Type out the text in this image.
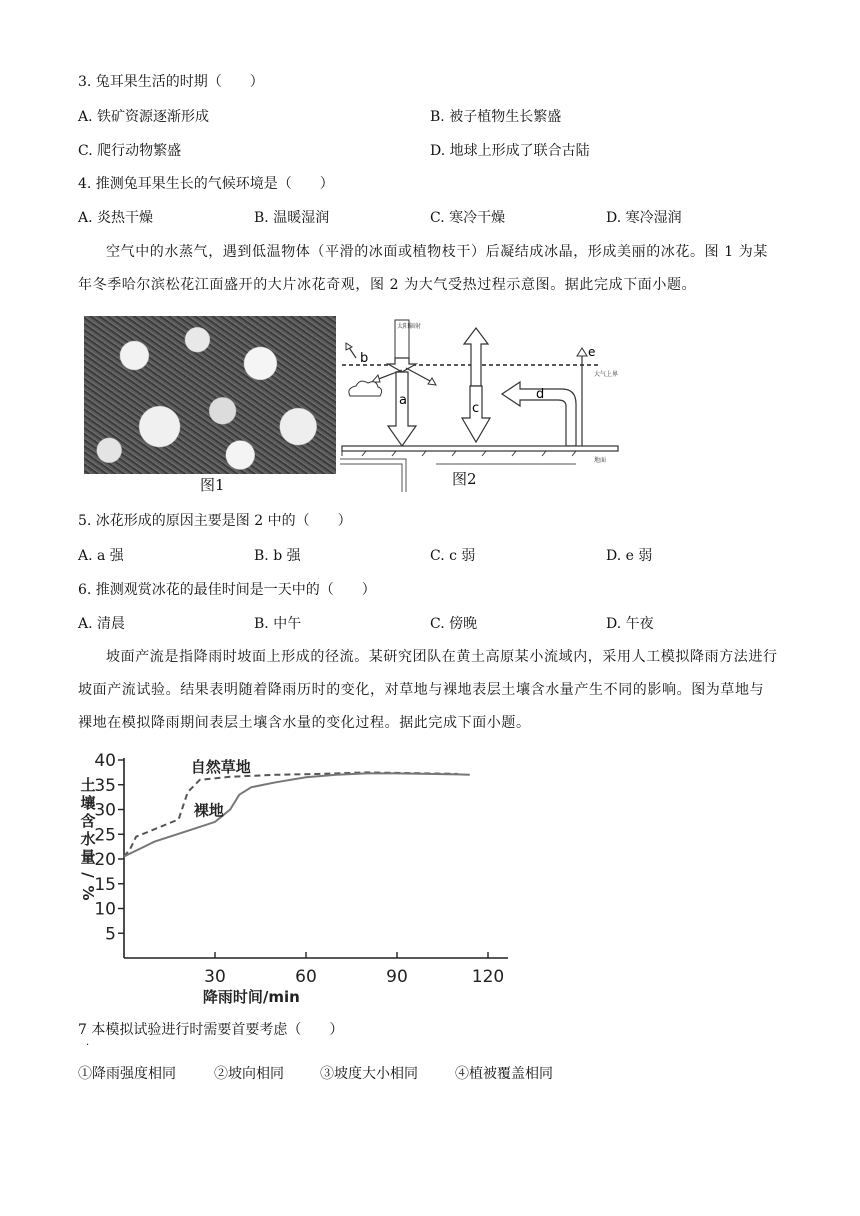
3. 兔耳果生活的时期（　　）
A. 铁矿资源逐渐形成	B. 被子植物生长繁盛
C. 爬行动物繁盛	D. 地球上形成了联合古陆
4. 推测兔耳果生长的气候环境是（　　）
A. 炎热干燥	B. 温暖湿润	C. 寒冷干燥	D. 寒冷湿润
空气中的水蒸气，遇到低温物体（平滑的冰面或植物枝干）后凝结成冰晶，形成美丽的冰花。图 1 为某年冬季哈尔滨松花江面盛开的大片冰花奇观，图 2 为大气受热过程示意图。据此完成下面小题。
图1
大气上界
太阳辐射
a
b
c
d
e
地面
图2
5. 冰花形成的原因主要是图 2 中的（　　）
A. a 强	B. b 强	C. c 弱	D. e 弱
6. 推测观赏冰花的最佳时间是一天中的（　　）
A. 清晨	B. 中午	C. 傍晚	D. 午夜
坡面产流是指降雨时坡面上形成的径流。某研究团队在黄土高原某小流域内，采用人工模拟降雨方法进行坡面产流试验。结果表明随着降雨历时的变化，对草地与裸地表层土壤含水量产生不同的影响。图为草地与裸地在模拟降雨期间表层土壤含水量的变化过程。据此完成下面小题。
5
10
15
20
25
30
35
40
30	60	90	120
自然草地
裸地
降雨时间/min
土
壤
含
水
量
/
%
7 本模拟试验进行时需要首要考虑（　　）
·
①降雨强度相同	②坡向相同	③坡度大小相同	④植被覆盖相同
